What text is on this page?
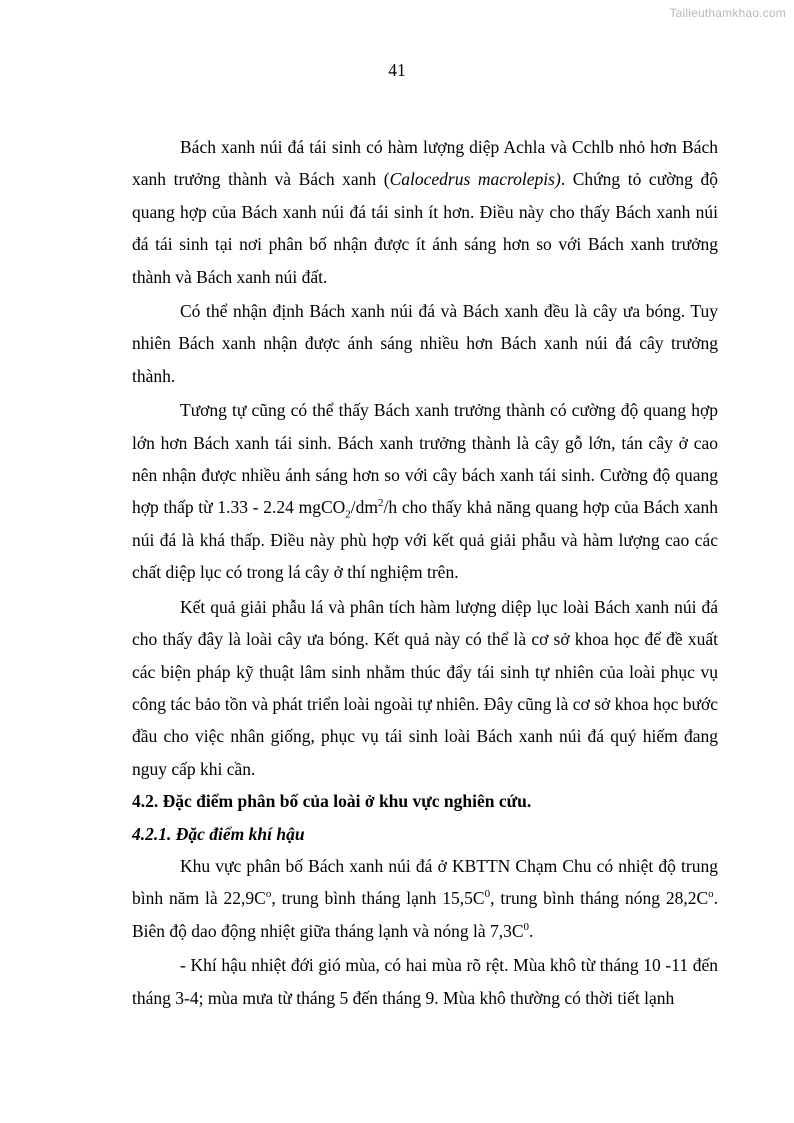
Tailieuthamkhao.com
41

Bách xanh núi đá tái sinh có hàm lượng diệp Achla và Cchlb nhỏ hơn Bách xanh trưởng thành và Bách xanh (Calocedrus macrolepis). Chứng tỏ cường độ quang hợp của Bách xanh núi đá tái sinh ít hơn. Điều này cho thấy Bách xanh núi đá tái sinh tại nơi phân bố nhận được ít ánh sáng hơn so với Bách xanh trưởng thành và Bách xanh núi đất.

Có thể nhận định Bách xanh núi đá và Bách xanh đều là cây ưa bóng. Tuy nhiên Bách xanh nhận được ánh sáng nhiều hơn Bách xanh núi đá cây trưởng thành.

Tương tự cũng có thể thấy Bách xanh trưởng thành có cường độ quang hợp lớn hơn Bách xanh tái sinh. Bách xanh trưởng thành là cây gỗ lớn, tán cây ở cao nên nhận được nhiều ánh sáng hơn so với cây bách xanh tái sinh. Cường độ quang hợp thấp từ 1.33 - 2.24 $mgCO_2/dm^2/h$ cho thấy khả năng quang hợp của Bách xanh núi đá là khá thấp. Điều này phù hợp với kết quả giải phẫu và hàm lượng cao các chất diệp lục có trong lá cây ở thí nghiệm trên.

Kết quả giải phẫu lá và phân tích hàm lượng diệp lục loài Bách xanh núi đá cho thấy đây là loài cây ưa bóng. Kết quả này có thể là cơ sở khoa học để đề xuất các biện pháp kỹ thuật lâm sinh nhằm thúc đẩy tái sinh tự nhiên của loài phục vụ công tác bảo tồn và phát triển loài ngoài tự nhiên. Đây cũng là cơ sở khoa học bước đầu cho việc nhân giống, phục vụ tái sinh loài Bách xanh núi đá quý hiếm đang nguy cấp khi cần.

4.2. Đặc điểm phân bố của loài ở khu vực nghiên cứu.

4.2.1. Đặc điểm khí hậu

Khu vực phân bố Bách xanh núi đá ở KBTTN Chạm Chu có nhiệt độ trung bình năm là $22,9C^o$, trung bình tháng lạnh $15,5C^0$, trung bình tháng nóng $28,2C^o$. Biên độ dao động nhiệt giữa tháng lạnh và nóng là $7,3C^0$.

- Khí hậu nhiệt đới gió mùa, có hai mùa rõ rệt. Mùa khô từ tháng 10 -11 đến tháng 3-4; mùa mưa từ tháng 5 đến tháng 9. Mùa khô thường có thời tiết lạnh
